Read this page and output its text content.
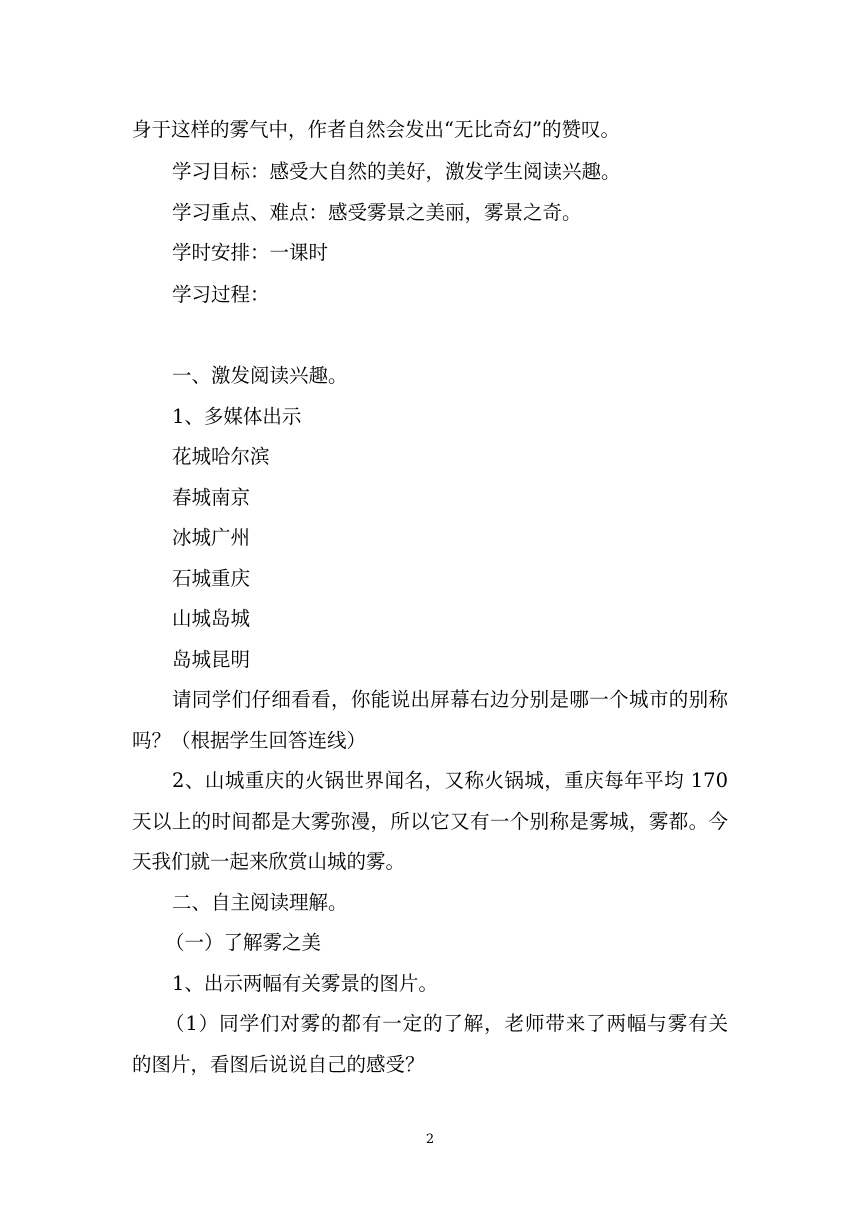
身于这样的雾气中，作者自然会发出“无比奇幻”的赞叹。
学习目标：感受大自然的美好，激发学生阅读兴趣。
学习重点、难点：感受雾景之美丽，雾景之奇。
学时安排：一课时
学习过程：
一、激发阅读兴趣。
1、多媒体出示
花城哈尔滨
春城南京
冰城广州
石城重庆
山城岛城
岛城昆明
请同学们仔细看看，你能说出屏幕右边分别是哪一个城市的别称
吗？（根据学生回答连线）
2、山城重庆的火锅世界闻名，又称火锅城，重庆每年平均 170
天以上的时间都是大雾弥漫，所以它又有一个别称是雾城，雾都。今
天我们就一起来欣赏山城的雾。
二、自主阅读理解。
（一）了解雾之美
1、出示两幅有关雾景的图片。
（1）同学们对雾的都有一定的了解，老师带来了两幅与雾有关
的图片，看图后说说自己的感受？
2
